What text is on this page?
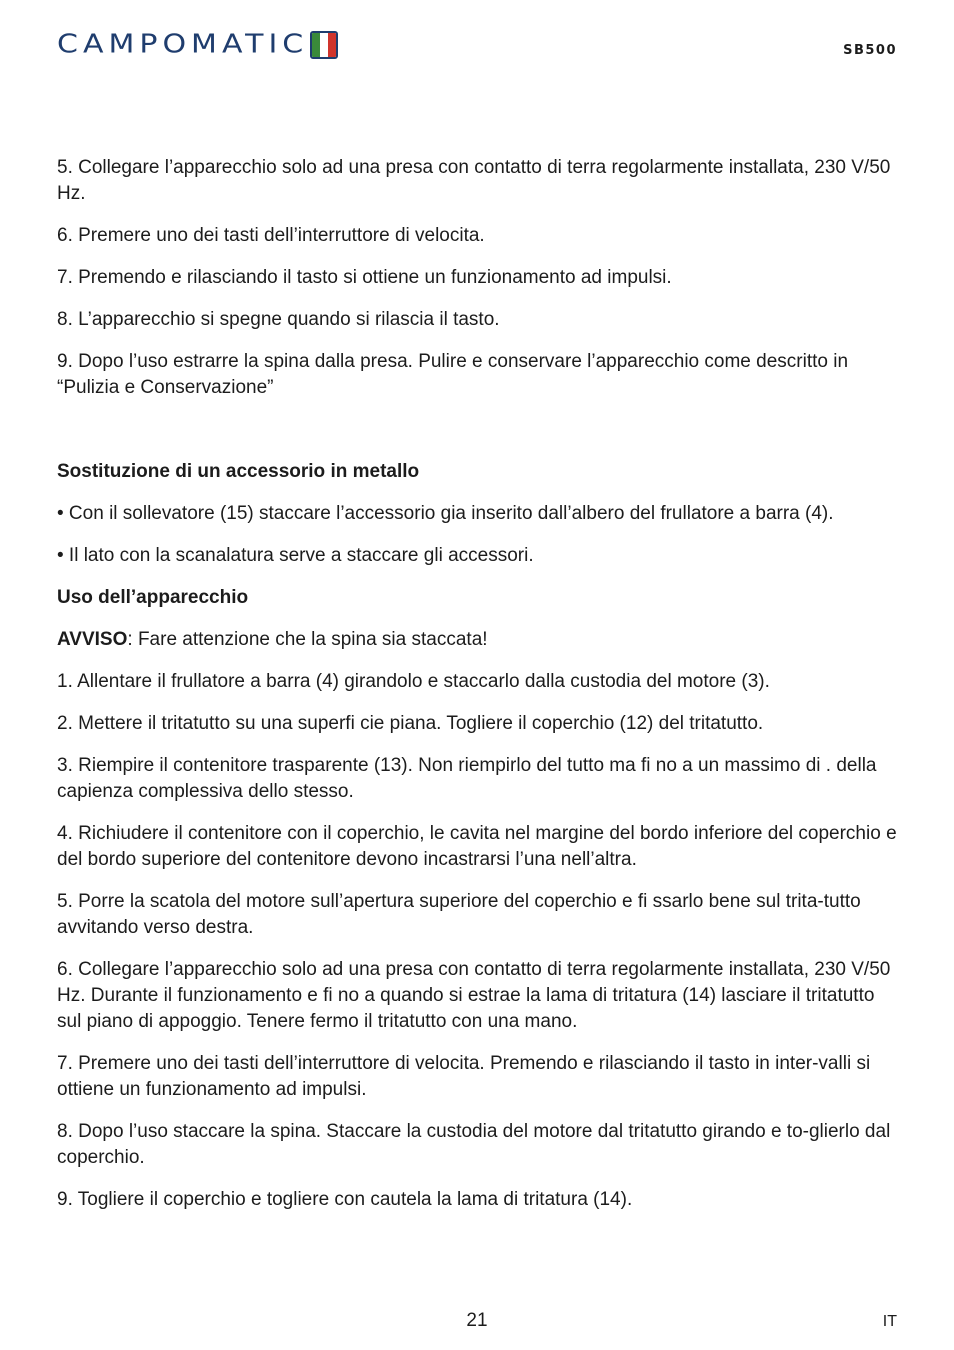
CAMPOMATIC	SB500

5. Collegare l’apparecchio solo ad una presa con contatto di terra regolarmente installata, 230 V/50 Hz.

6. Premere uno dei tasti dell’interruttore di velocita.

7. Premendo e rilasciando il tasto si ottiene un funzionamento ad impulsi.

8. L’apparecchio si spegne quando si rilascia il tasto.

9. Dopo l’uso estrarre la spina dalla presa. Pulire e conservare l’apparecchio come descritto in “Pulizia e Conservazione”

Sostituzione di un accessorio in metallo

• Con il sollevatore (15) staccare l’accessorio gia inserito dall’albero del frullatore a barra (4).

• Il lato con la scanalatura serve a staccare gli accessori.

Uso dell’apparecchio

AVVISO: Fare attenzione che la spina sia staccata!

1. Allentare il frullatore a barra (4) girandolo e staccarlo dalla custodia del motore (3).

2. Mettere il tritatutto su una superfi cie piana. Togliere il coperchio (12) del tritatutto.

3. Riempire il contenitore trasparente (13). Non riempirlo del tutto ma fi no a un massimo di . della capienza complessiva dello stesso.

4. Richiudere il contenitore con il coperchio, le cavita nel margine del bordo inferiore del coperchio e del bordo superiore del contenitore devono incastrarsi l’una nell’altra.

5. Porre la scatola del motore sull’apertura superiore del coperchio e fi ssarlo bene sul trita-tutto avvitando verso destra.

6. Collegare l’apparecchio solo ad una presa con contatto di terra regolarmente installata, 230 V/50 Hz. Durante il funzionamento e fi no a quando si estrae la lama di tritatura (14) lasciare il tritatutto sul piano di appoggio. Tenere fermo il tritatutto con una mano.

7. Premere uno dei tasti dell’interruttore di velocita. Premendo e rilasciando il tasto in inter-valli si ottiene un funzionamento ad impulsi.

8. Dopo l’uso staccare la spina. Staccare la custodia del motore dal tritatutto girando e to-glierlo dal coperchio.

9. Togliere il coperchio e togliere con cautela la lama di tritatura (14).

21	IT
